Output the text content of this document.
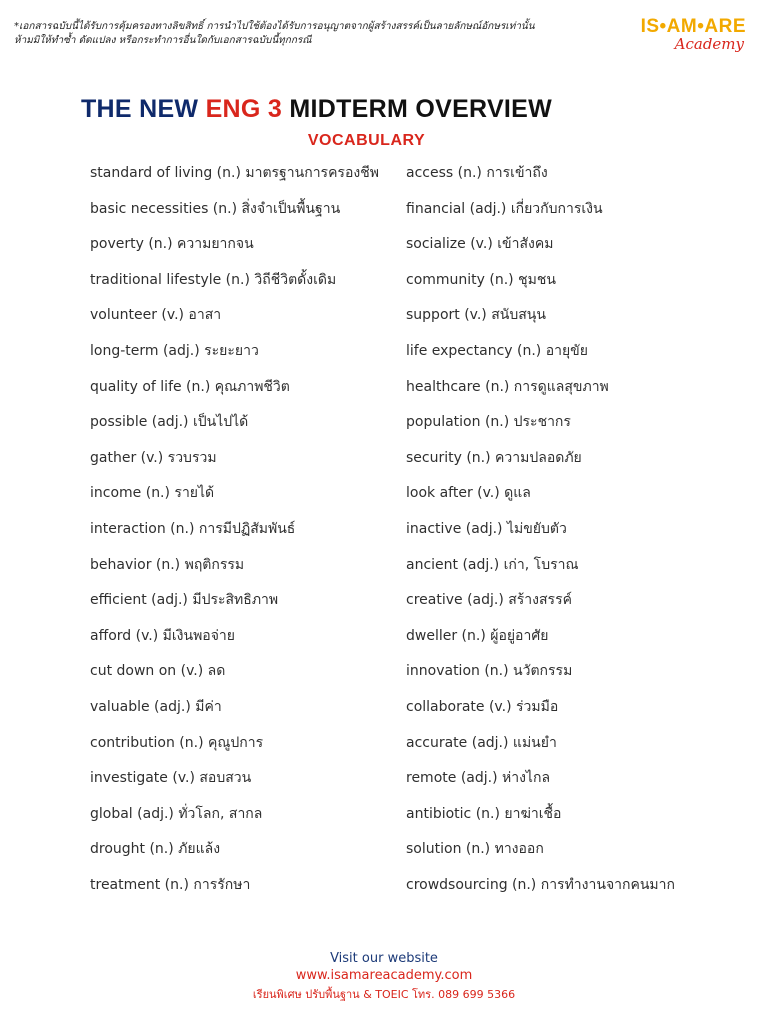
*เอกสารฉบับนี้ได้รับการคุ้มครองทางลิขสิทธิ์ การนำไปใช้ต้องได้รับการอนุญาตจากผู้สร้างสรรค์เป็นลายลักษณ์อักษรเท่านั้น
ห้ามมิให้ทำซ้ำ ดัดแปลง หรือกระทำการอื่นใดกับเอกสารฉบับนี้ทุกกรณี
IS•AM•ARE
Academy
THE NEW ENG 3 MIDTERM OVERVIEW
VOCABULARY
standard of living (n.) มาตรฐานการครองชีพ
basic necessities (n.) สิ่งจำเป็นพื้นฐาน
poverty (n.) ความยากจน
traditional lifestyle (n.) วิถีชีวิตดั้งเดิม
volunteer (v.) อาสา
long-term (adj.) ระยะยาว
quality of life (n.) คุณภาพชีวิต
possible (adj.) เป็นไปได้
gather (v.) รวบรวม
income (n.) รายได้
interaction (n.) การมีปฏิสัมพันธ์
behavior (n.) พฤติกรรม
efficient (adj.) มีประสิทธิภาพ
afford (v.) มีเงินพอจ่าย
cut down on (v.) ลด
valuable (adj.) มีค่า
contribution (n.) คุณูปการ
investigate (v.) สอบสวน
global (adj.) ทั่วโลก, สากล
drought (n.) ภัยแล้ง
treatment (n.) การรักษา
access (n.) การเข้าถึง
financial (adj.) เกี่ยวกับการเงิน
socialize (v.) เข้าสังคม
community (n.) ชุมชน
support (v.) สนับสนุน
life expectancy (n.) อายุขัย
healthcare (n.) การดูแลสุขภาพ
population (n.) ประชากร
security (n.) ความปลอดภัย
look after (v.) ดูแล
inactive (adj.) ไม่ขยับตัว
ancient (adj.) เก่า, โบราณ
creative (adj.) สร้างสรรค์
dweller (n.) ผู้อยู่อาศัย
innovation (n.) นวัตกรรม
collaborate (v.) ร่วมมือ
accurate (adj.) แม่นยำ
remote (adj.) ห่างไกล
antibiotic (n.) ยาฆ่าเชื้อ
solution (n.) ทางออก
crowdsourcing (n.) การทำงานจากคนมาก
Visit our website
www.isamareacademy.com
เรียนพิเศษ ปรับพื้นฐาน & TOEIC โทร. 089 699 5366
